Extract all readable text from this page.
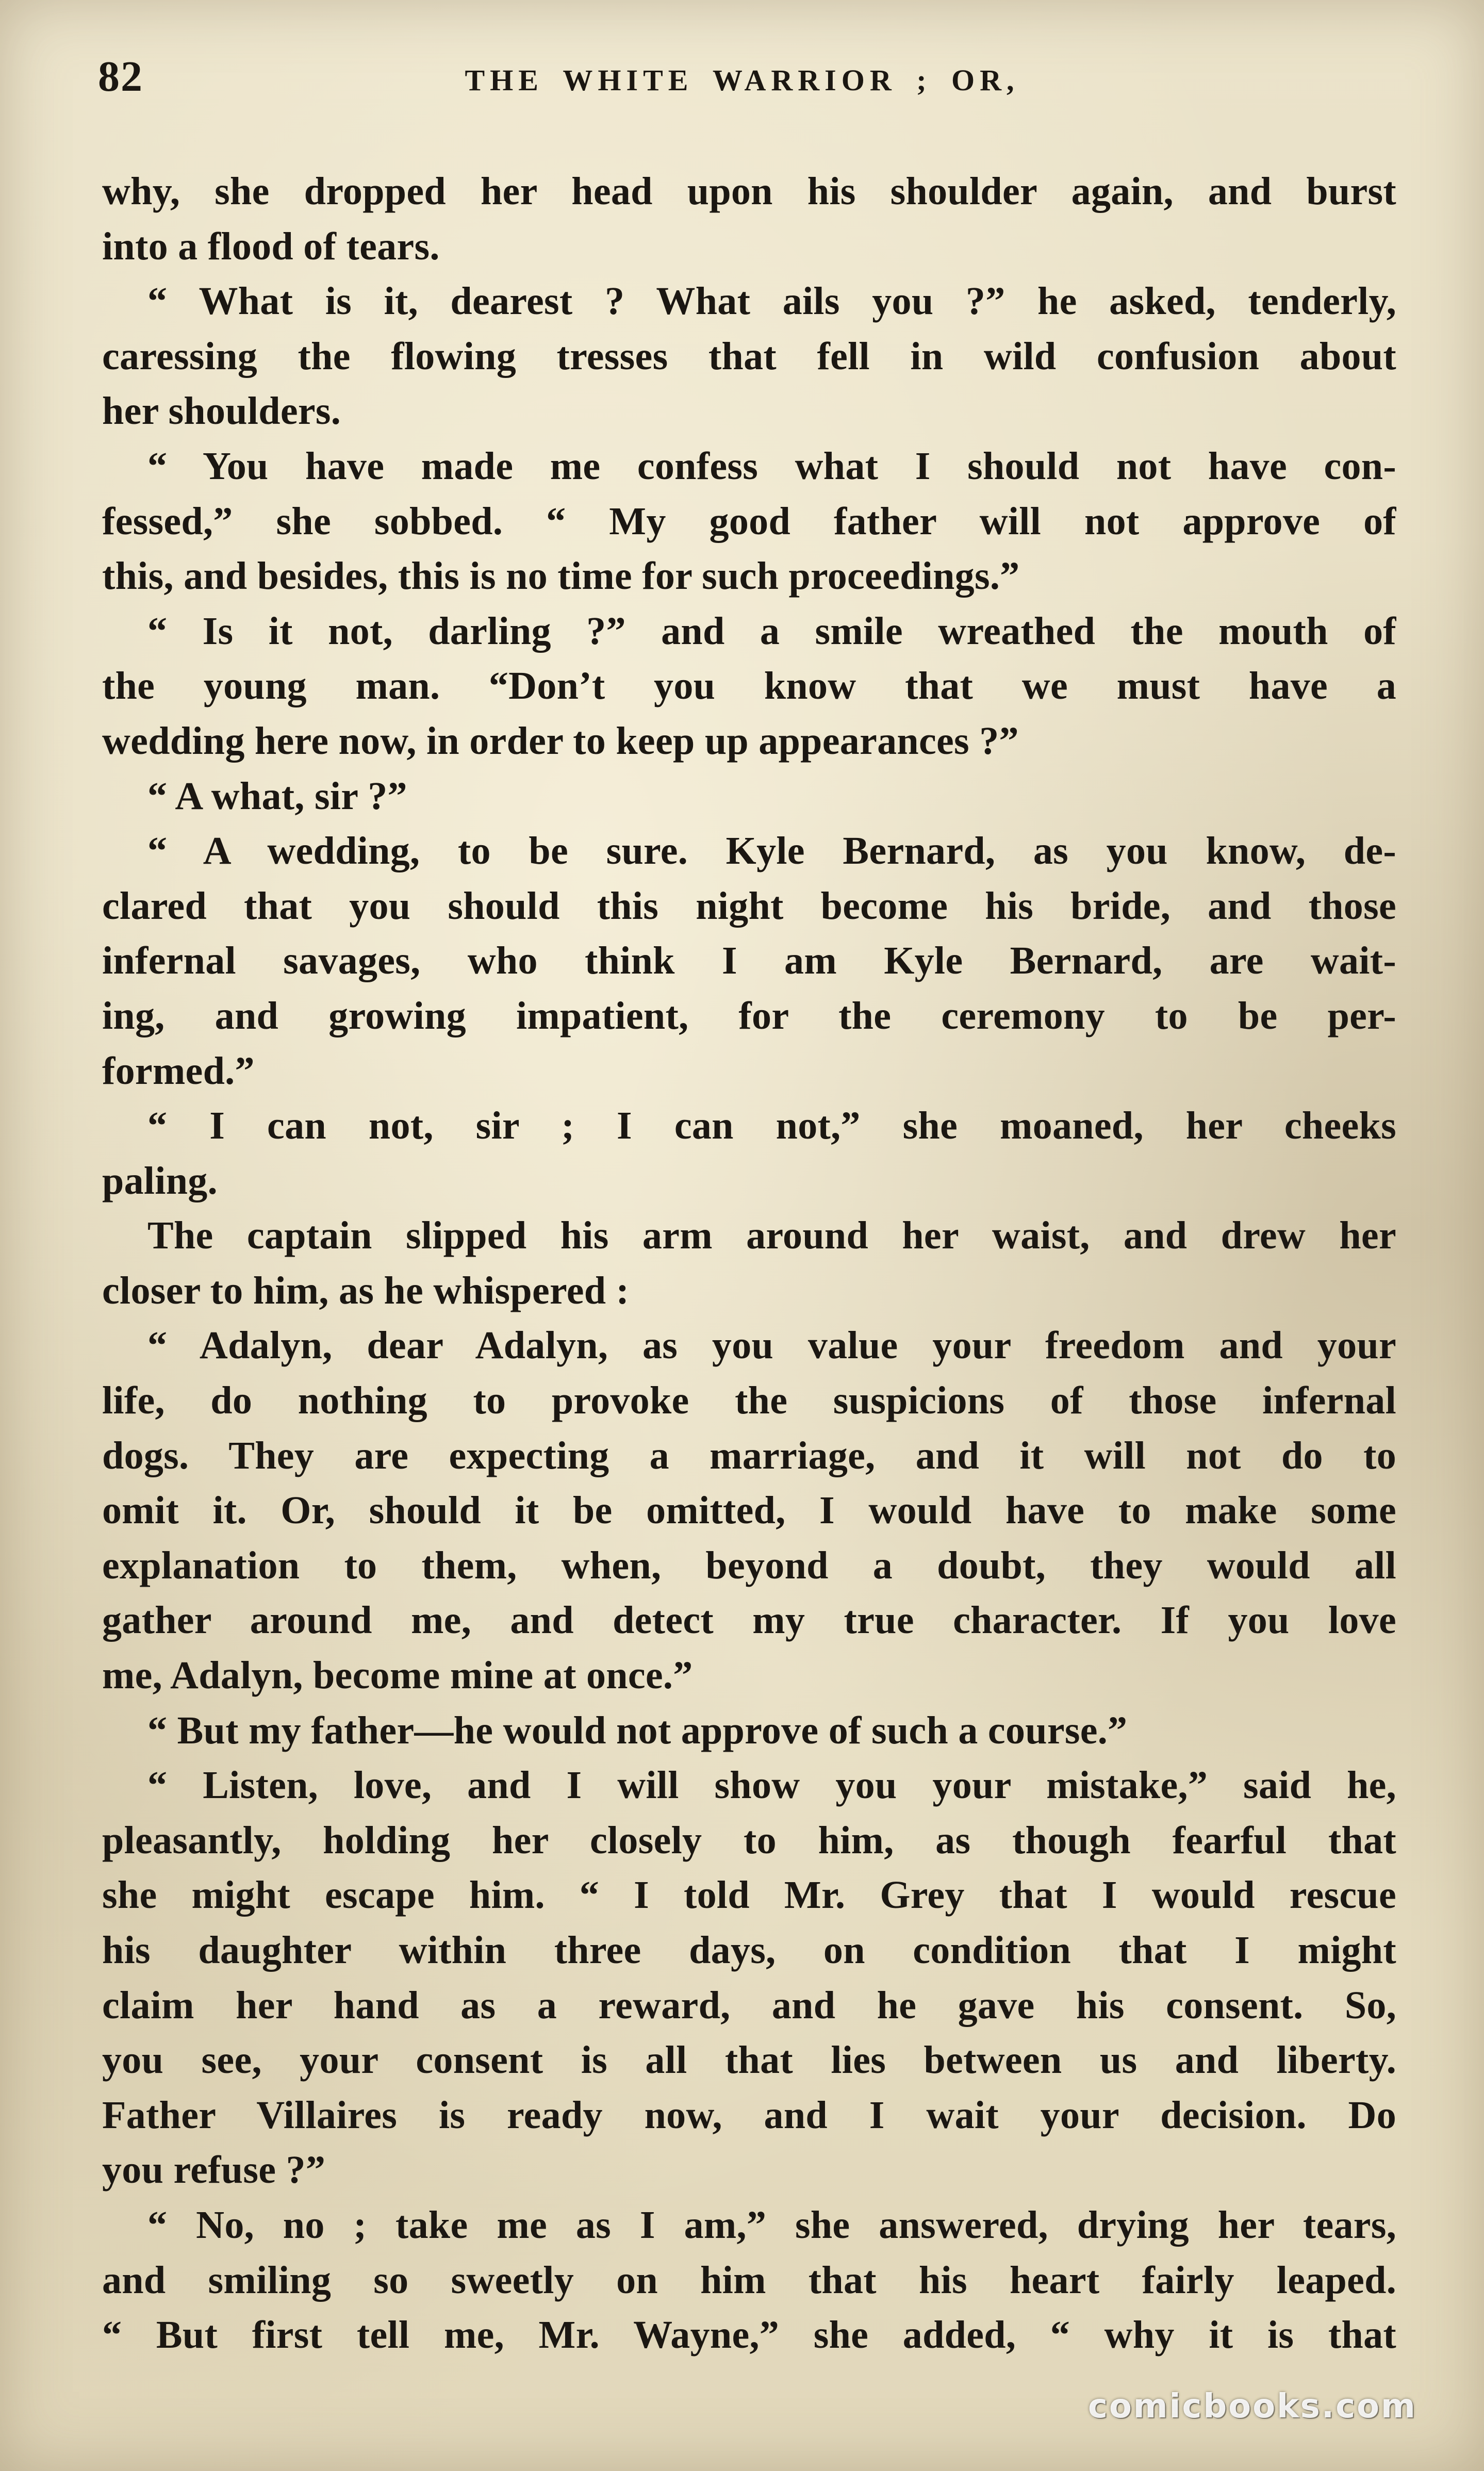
82	THE WHITE WARRIOR ; OR,
why, she dropped her head upon his shoulder again, and burst
into a flood of tears.
“ What is it, dearest ? What ails you ?” he asked, tenderly,
caressing the flowing tresses that fell in wild confusion about
her shoulders.
“ You have made me confess what I should not have con-
fessed,” she sobbed. “ My good father will not approve of
this, and besides, this is no time for such proceedings.”
“ Is it not, darling ?” and a smile wreathed the mouth of
the young man. “Don’t you know that we must have a
wedding here now, in order to keep up appearances ?”
“ A what, sir ?”
“ A wedding, to be sure. Kyle Bernard, as you know, de-
clared that you should this night become his bride, and those
infernal savages, who think I am Kyle Bernard, are wait-
ing, and growing impatient, for the ceremony to be per-
formed.”
“ I can not, sir ; I can not,” she moaned, her cheeks
paling.
The captain slipped his arm around her waist, and drew her
closer to him, as he whispered :
“ Adalyn, dear Adalyn, as you value your freedom and your
life, do nothing to provoke the suspicions of those infernal
dogs. They are expecting a marriage, and it will not do to
omit it. Or, should it be omitted, I would have to make some
explanation to them, when, beyond a doubt, they would all
gather around me, and detect my true character. If you love
me, Adalyn, become mine at once.”
“ But my father—he would not approve of such a course.”
“ Listen, love, and I will show you your mistake,” said he,
pleasantly, holding her closely to him, as though fearful that
she might escape him. “ I told Mr. Grey that I would rescue
his daughter within three days, on condition that I might
claim her hand as a reward, and he gave his consent. So,
you see, your consent is all that lies between us and liberty.
Father Villaires is ready now, and I wait your decision. Do
you refuse ?”
“ No, no ; take me as I am,” she answered, drying her tears,
and smiling so sweetly on him that his heart fairly leaped.
“ But first tell me, Mr. Wayne,” she added, “ why it is that
comicbooks.com
